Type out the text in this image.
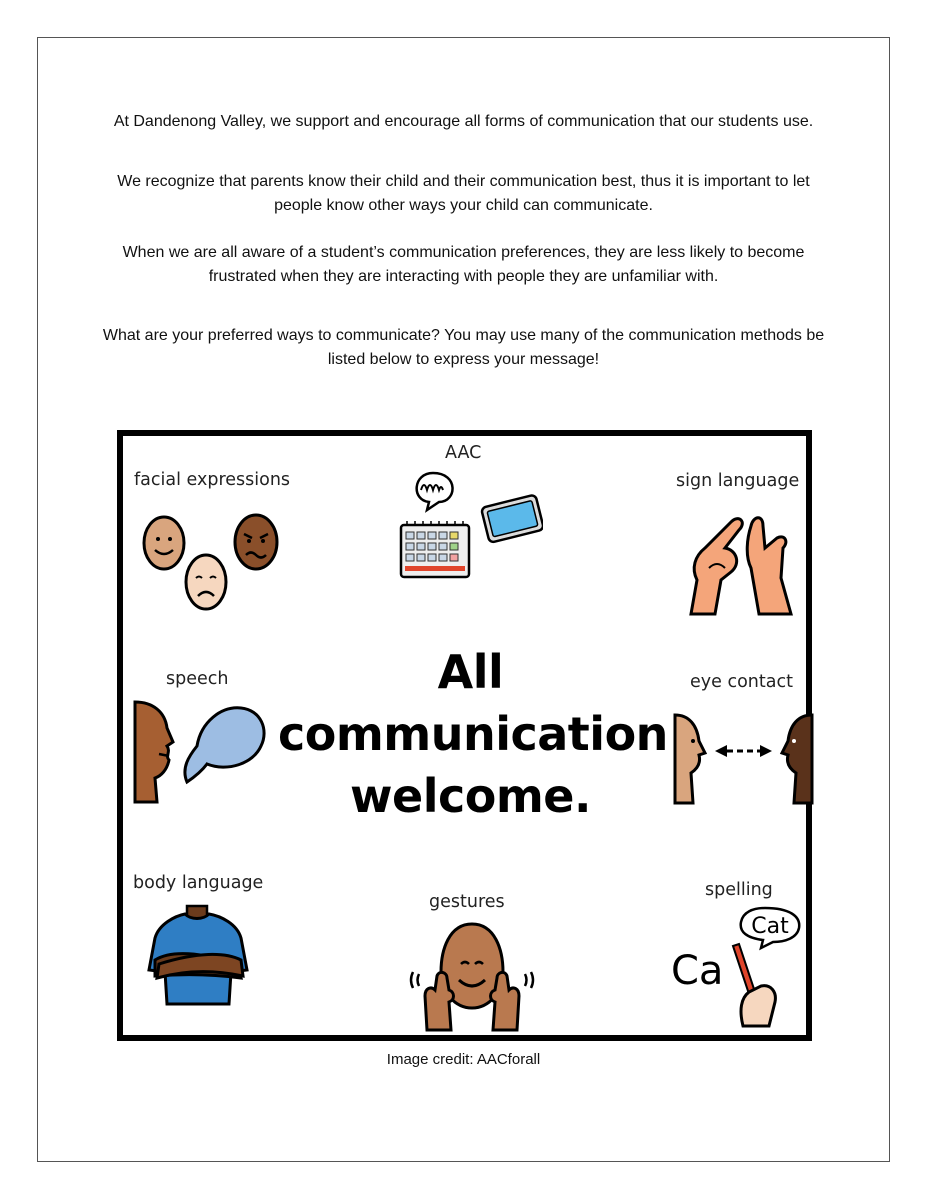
At Dandenong Valley, we support and encourage all forms of communication that our students use.

We recognize that parents know their child and their communication best, thus it is important to let people know other ways your child can communicate.

When we are all aware of a student’s communication preferences, they are less likely to become frustrated when they are interacting with people they are unfamiliar with.

What are your preferred ways to communicate? You may use many of the communication methods be listed below to express your message!

facial expressions
AAC
sign language
speech	eye contact
body language
gestures
spelling
All
communication
welcome.
Cat
Ca
Image credit: AACforall
